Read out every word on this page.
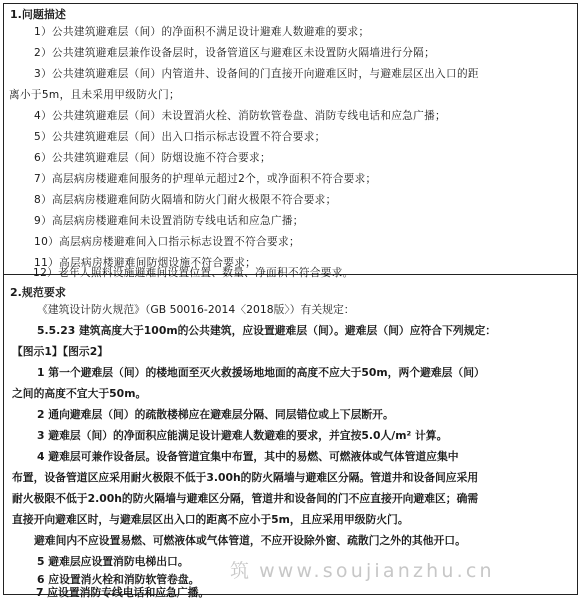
1.问题描述
1）公共建筑避难层（间）的净面积不满足设计避难人数避难的要求；
2）公共建筑避难层兼作设备层时，设备管道区与避难区未设置防火隔墙进行分隔；
3）公共建筑避难层（间）内管道井、设备间的门直接开向避难区时，与避难层区出入口的距
离小于5m，且未采用甲级防火门；
4）公共建筑避难层（间）未设置消火栓、消防软管卷盘、消防专线电话和应急广播；
5）公共建筑避难层（间）出入口指示标志设置不符合要求；
6）公共建筑避难层（间）防烟设施不符合要求；
7）高层病房楼避难间服务的护理单元超过2个，或净面积不符合要求；
8）高层病房楼避难间防火隔墙和防火门耐火极限不符合要求；
9）高层病房楼避难间未设置消防专线电话和应急广播；
10）高层病房楼避难间入口指示标志设置不符合要求；
11）高层病房楼避难间防烟设施不符合要求；
2.规范要求
《建筑设计防火规范》（GB 50016-2014〈2018版〉）有关规定：
5.5.23 建筑高度大于100m的公共建筑，应设置避难层（间）。避难层（间）应符合下列规定：
【图示1】【图示2】
1 第一个避难层（间）的楼地面至灭火救援场地地面的高度不应大于50m，两个避难层（间）
之间的高度不宜大于50m。
2 通向避难层（间）的疏散楼梯应在避难层分隔、同层错位或上下层断开。
3 避难层（间）的净面积应能满足设计避难人数避难的要求，并宜按5.0人/m² 计算。
4 避难层可兼作设备层。设备管道宜集中布置，其中的易燃、可燃液体或气体管道应集中
布置，设备管道区应采用耐火极限不低于3.00h的防火隔墙与避难区分隔。管道井和设备间应采用
耐火极限不低于2.00h的防火隔墙与避难区分隔，管道井和设备间的门不应直接开向避难区；确需
直接开向避难区时，与避难层区出入口的距离不应小于5m，且应采用甲级防火门。
避难间内不应设置易燃、可燃液体或气体管道，不应开设除外窗、疏散门之外的其他开口。
5 避难层应设置消防电梯出口。
6 应设置消火栓和消防软管卷盘。
12）老年人照料设施避难间设置位置、数量、净面积不符合要求。
7 应设置消防专线电话和应急广播。
筑 www.soujianzhu.cn
